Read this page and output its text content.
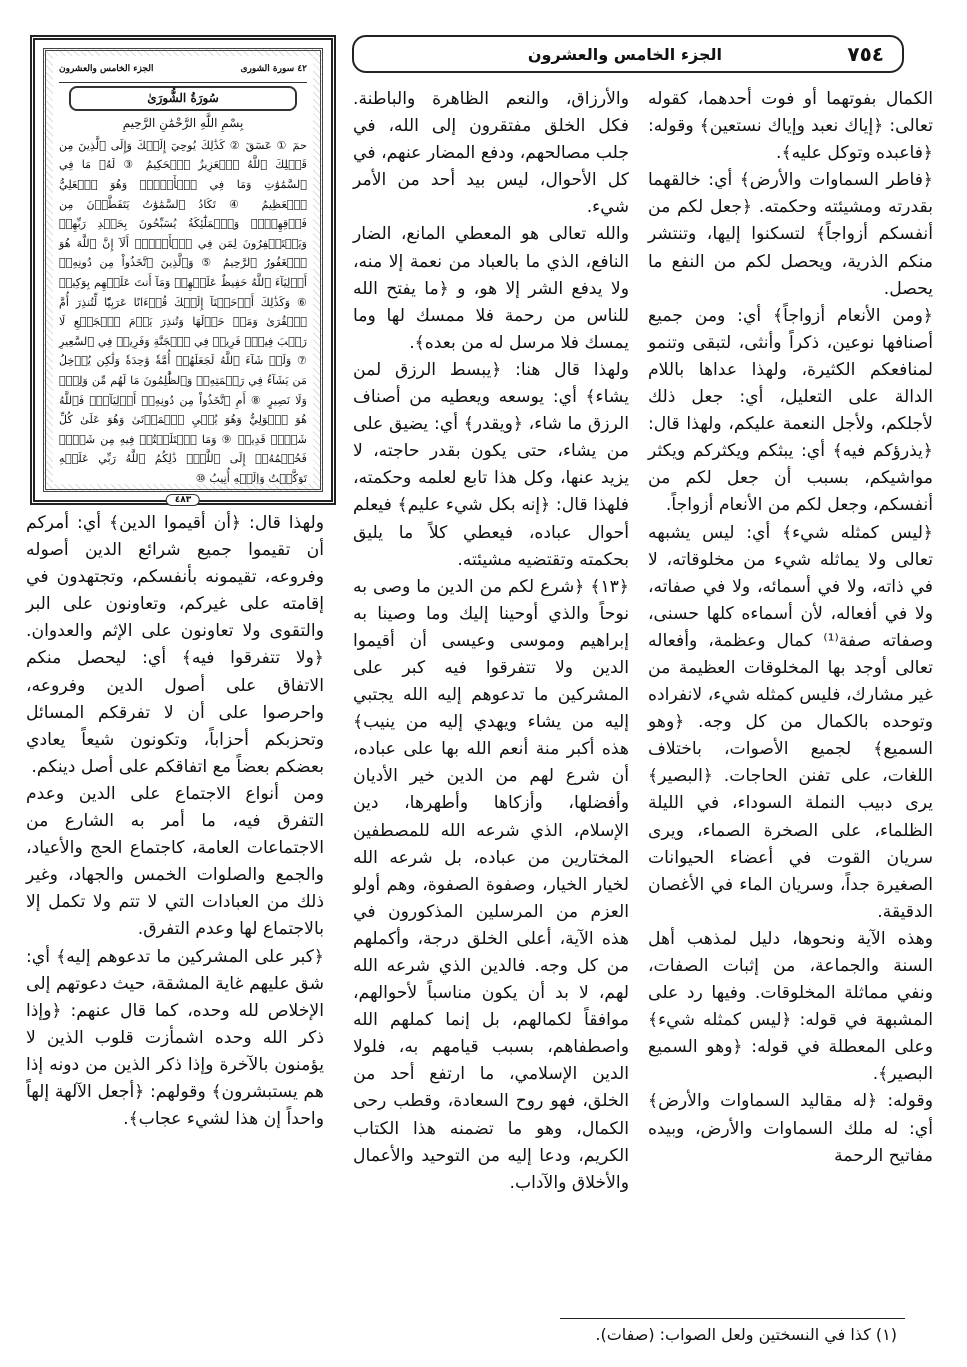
٧٥٤
الجزء الخامس والعشرون
٤٢ سورة الشورى
الجزء الخامس والعشرون
سُورَةُ الشُّورَىٰ
بِسْمِ اللَّهِ الرَّحْمَٰنِ الرَّحِيمِ
حمٓ ① عٓسٓقٓ ② كَذَٰلِكَ يُوحِيٓ إِلَيۡكَ وَإِلَى ٱلَّذِينَ مِن قَبۡلِكَ ٱللَّهُ ٱلۡعَزِيزُ ٱلۡحَكِيمُ ③ لَهُۥ مَا فِي ٱلسَّمَٰوَٰتِ وَمَا فِي ٱلۡأَرۡضِۖ وَهُوَ ٱلۡعَلِيُّ ٱلۡعَظِيمُ ④ تَكَادُ ٱلسَّمَٰوَٰتُ يَتَفَطَّرۡنَ مِن فَوۡقِهِنَّۚ وَٱلۡمَلَٰٓئِكَةُ يُسَبِّحُونَ بِحَمۡدِ رَبِّهِمۡ وَيَسۡتَغۡفِرُونَ لِمَن فِي ٱلۡأَرۡضِۗ أَلَآ إِنَّ ٱللَّهَ هُوَ ٱلۡغَفُورُ ٱلرَّحِيمُ ⑤ وَٱلَّذِينَ ٱتَّخَذُواْ مِن دُونِهِۦٓ أَوۡلِيَآءَ ٱللَّهُ حَفِيظٌ عَلَيۡهِمۡ وَمَآ أَنتَ عَلَيۡهِم بِوَكِيلٖ ⑥ وَكَذَٰلِكَ أَوۡحَيۡنَآ إِلَيۡكَ قُرۡءَانًا عَرَبِيّٗا لِّتُنذِرَ أُمَّ ٱلۡقُرَىٰ وَمَنۡ حَوۡلَهَا وَتُنذِرَ يَوۡمَ ٱلۡجَمۡعِ لَا رَيۡبَ فِيهِۚ فَرِيقٞ فِي ٱلۡجَنَّةِ وَفَرِيقٞ فِي ٱلسَّعِيرِ ⑦ وَلَوۡ شَآءَ ٱللَّهُ لَجَعَلَهُمۡ أُمَّةٗ وَٰحِدَةٗ وَلَٰكِن يُدۡخِلُ مَن يَشَآءُ فِي رَحۡمَتِهِۦۚ وَٱلظَّٰلِمُونَ مَا لَهُم مِّن وَلِيّٖ وَلَا نَصِيرٍ ⑧ أَمِ ٱتَّخَذُواْ مِن دُونِهِۦٓ أَوۡلِيَآءَۖ فَٱللَّهُ هُوَ ٱلۡوَلِيُّ وَهُوَ يُحۡيِ ٱلۡمَوۡتَىٰ وَهُوَ عَلَىٰ كُلِّ شَيۡءٖ قَدِيرٞ ⑨ وَمَا ٱخۡتَلَفۡتُمۡ فِيهِ مِن شَيۡءٖ فَحُكۡمُهُۥٓ إِلَى ٱللَّهِۚ ذَٰلِكُمُ ٱللَّهُ رَبِّي عَلَيۡهِ تَوَكَّلۡتُ وَإِلَيۡهِ أُنِيبُ ⑩
٤٨٣

الكمال بفوتهما أو فوت أحدهما، كقوله تعالى: ﴿إياك نعبد وإياك نستعين﴾ وقوله: ﴿فاعبده وتوكل عليه﴾.

﴿فاطر السماوات والأرض﴾ أي: خالقهما بقدرته ومشيئته وحكمته. ﴿جعل لكم من أنفسكم أزواجاً﴾ لتسكنوا إليها، وتنتشر منكم الذرية، ويحصل لكم من النفع ما يحصل.

﴿ومن الأنعام أزواجاً﴾ أي: ومن جميع أصنافها نوعين، ذكراً وأنثى، لتبقى وتنمو لمنافعكم الكثيرة، ولهذا عداها باللام الدالة على التعليل، أي: جعل ذلك لأجلكم، ولأجل النعمة عليكم، ولهذا قال: ﴿يذرؤكم فيه﴾ أي: يبثكم ويكثركم ويكثر مواشيكم، بسبب أن جعل لكم من أنفسكم، وجعل لكم من الأنعام أزواجاً.

﴿ليس كمثله شيء﴾ أي: ليس يشبهه تعالى ولا يماثله شيء من مخلوقاته، لا في ذاته، ولا في أسمائه، ولا في صفاته، ولا في أفعاله، لأن أسماءه كلها حسنى، وصفاته صفة⁽¹⁾ كمال وعظمة، وأفعاله تعالى أوجد بها المخلوقات العظيمة من غير مشارك، فليس كمثله شيء، لانفراده وتوحده بالكمال من كل وجه. ﴿وهو السميع﴾ لجميع الأصوات، باختلاف اللغات، على تفنن الحاجات. ﴿البصير﴾ يرى دبيب النملة السوداء، في الليلة الظلماء، على الصخرة الصماء، ويرى سريان القوت في أعضاء الحيوانات الصغيرة جداً، وسريان الماء في الأغصان الدقيقة.

وهذه الآية ونحوها، دليل لمذهب أهل السنة والجماعة، من إثبات الصفات، ونفي مماثلة المخلوقات. وفيها رد على المشبهة في قوله: ﴿ليس كمثله شيء﴾ وعلى المعطلة في قوله: ﴿وهو السميع البصير﴾.

وقوله: ﴿له مقاليد السماوات والأرض﴾ أي: له ملك السماوات والأرض، وبيده مفاتيح الرحمة

والأرزاق، والنعم الظاهرة والباطنة. فكل الخلق مفتقرون إلى الله، في جلب مصالحهم، ودفع المضار عنهم، في كل الأحوال، ليس بيد أحد من الأمر شيء.

والله تعالى هو المعطي المانع، الضار النافع، الذي ما بالعباد من نعمة إلا منه، ولا يدفع الشر إلا هو، و ﴿ما يفتح الله للناس من رحمة فلا ممسك لها وما يمسك فلا مرسل له من بعده﴾.

ولهذا قال هنا: ﴿يبسط الرزق لمن يشاء﴾ أي: يوسعه ويعطيه من أصناف الرزق ما شاء، ﴿ويقدر﴾ أي: يضيق على من يشاء، حتى يكون بقدر حاجته، لا يزيد عنها، وكل هذا تابع لعلمه وحكمته، فلهذا قال: ﴿إنه بكل شيء عليم﴾ فيعلم أحوال عباده، فيعطي كلاً ما يليق بحكمته وتقتضيه مشيئته.

﴿١٣﴾ ﴿شرع لكم من الدين ما وصى به نوحاً والذي أوحينا إليك وما وصينا به إبراهيم وموسى وعيسى أن أقيموا الدين ولا تتفرقوا فيه كبر على المشركين ما تدعوهم إليه الله يجتبي إليه من يشاء ويهدي إليه من ينيب﴾ هذه أكبر منة أنعم الله بها على عباده، أن شرع لهم من الدين خير الأديان وأفضلها، وأزكاها وأطهرها، دين الإسلام، الذي شرعه الله للمصطفين المختارين من عباده، بل شرعه الله لخيار الخيار، وصفوة الصفوة، وهم أولو العزم من المرسلين المذكورون في هذه الآية، أعلى الخلق درجة، وأكملهم من كل وجه. فالدين الذي شرعه الله لهم، لا بد أن يكون مناسباً لأحوالهم، موافقاً لكمالهم، بل إنما كملهم الله واصطفاهم، بسبب قيامهم به، فلولا الدين الإسلامي، ما ارتفع أحد من الخلق، فهو روح السعادة، وقطب رحى الكمال، وهو ما تضمنه هذا الكتاب الكريم، ودعا إليه من التوحيد والأعمال والأخلاق والآداب.

ولهذا قال: ﴿أن أقيموا الدين﴾ أي: أمركم أن تقيموا جميع شرائع الدين أصوله وفروعه، تقيمونه بأنفسكم، وتجتهدون في إقامته على غيركم، وتعاونون على البر والتقوى ولا تعاونون على الإثم والعدوان. ﴿ولا تتفرقوا فيه﴾ أي: ليحصل منكم الاتفاق على أصول الدين وفروعه، واحرصوا على أن لا تفرقكم المسائل وتحزبكم أحزاباً، وتكونون شيعاً يعادي بعضكم بعضاً مع اتفاقكم على أصل دينكم.

ومن أنواع الاجتماع على الدين وعدم التفرق فيه، ما أمر به الشارع من الاجتماعات العامة، كاجتماع الحج والأعياد، والجمع والصلوات الخمس والجهاد، وغير ذلك من العبادات التي لا تتم ولا تكمل إلا بالاجتماع لها وعدم التفرق.

﴿كبر على المشركين ما تدعوهم إليه﴾ أي: شق عليهم غاية المشقة، حيث دعوتهم إلى الإخلاص لله وحده، كما قال عنهم: ﴿وإذا ذكر الله وحده اشمأزت قلوب الذين لا يؤمنون بالآخرة وإذا ذكر الذين من دونه إذا هم يستبشرون﴾ وقولهم: ﴿أجعل الآلهة إلهاً واحداً إن هذا لشيء عجاب﴾.

(١) كذا في النسختين ولعل الصواب: (صفات).
